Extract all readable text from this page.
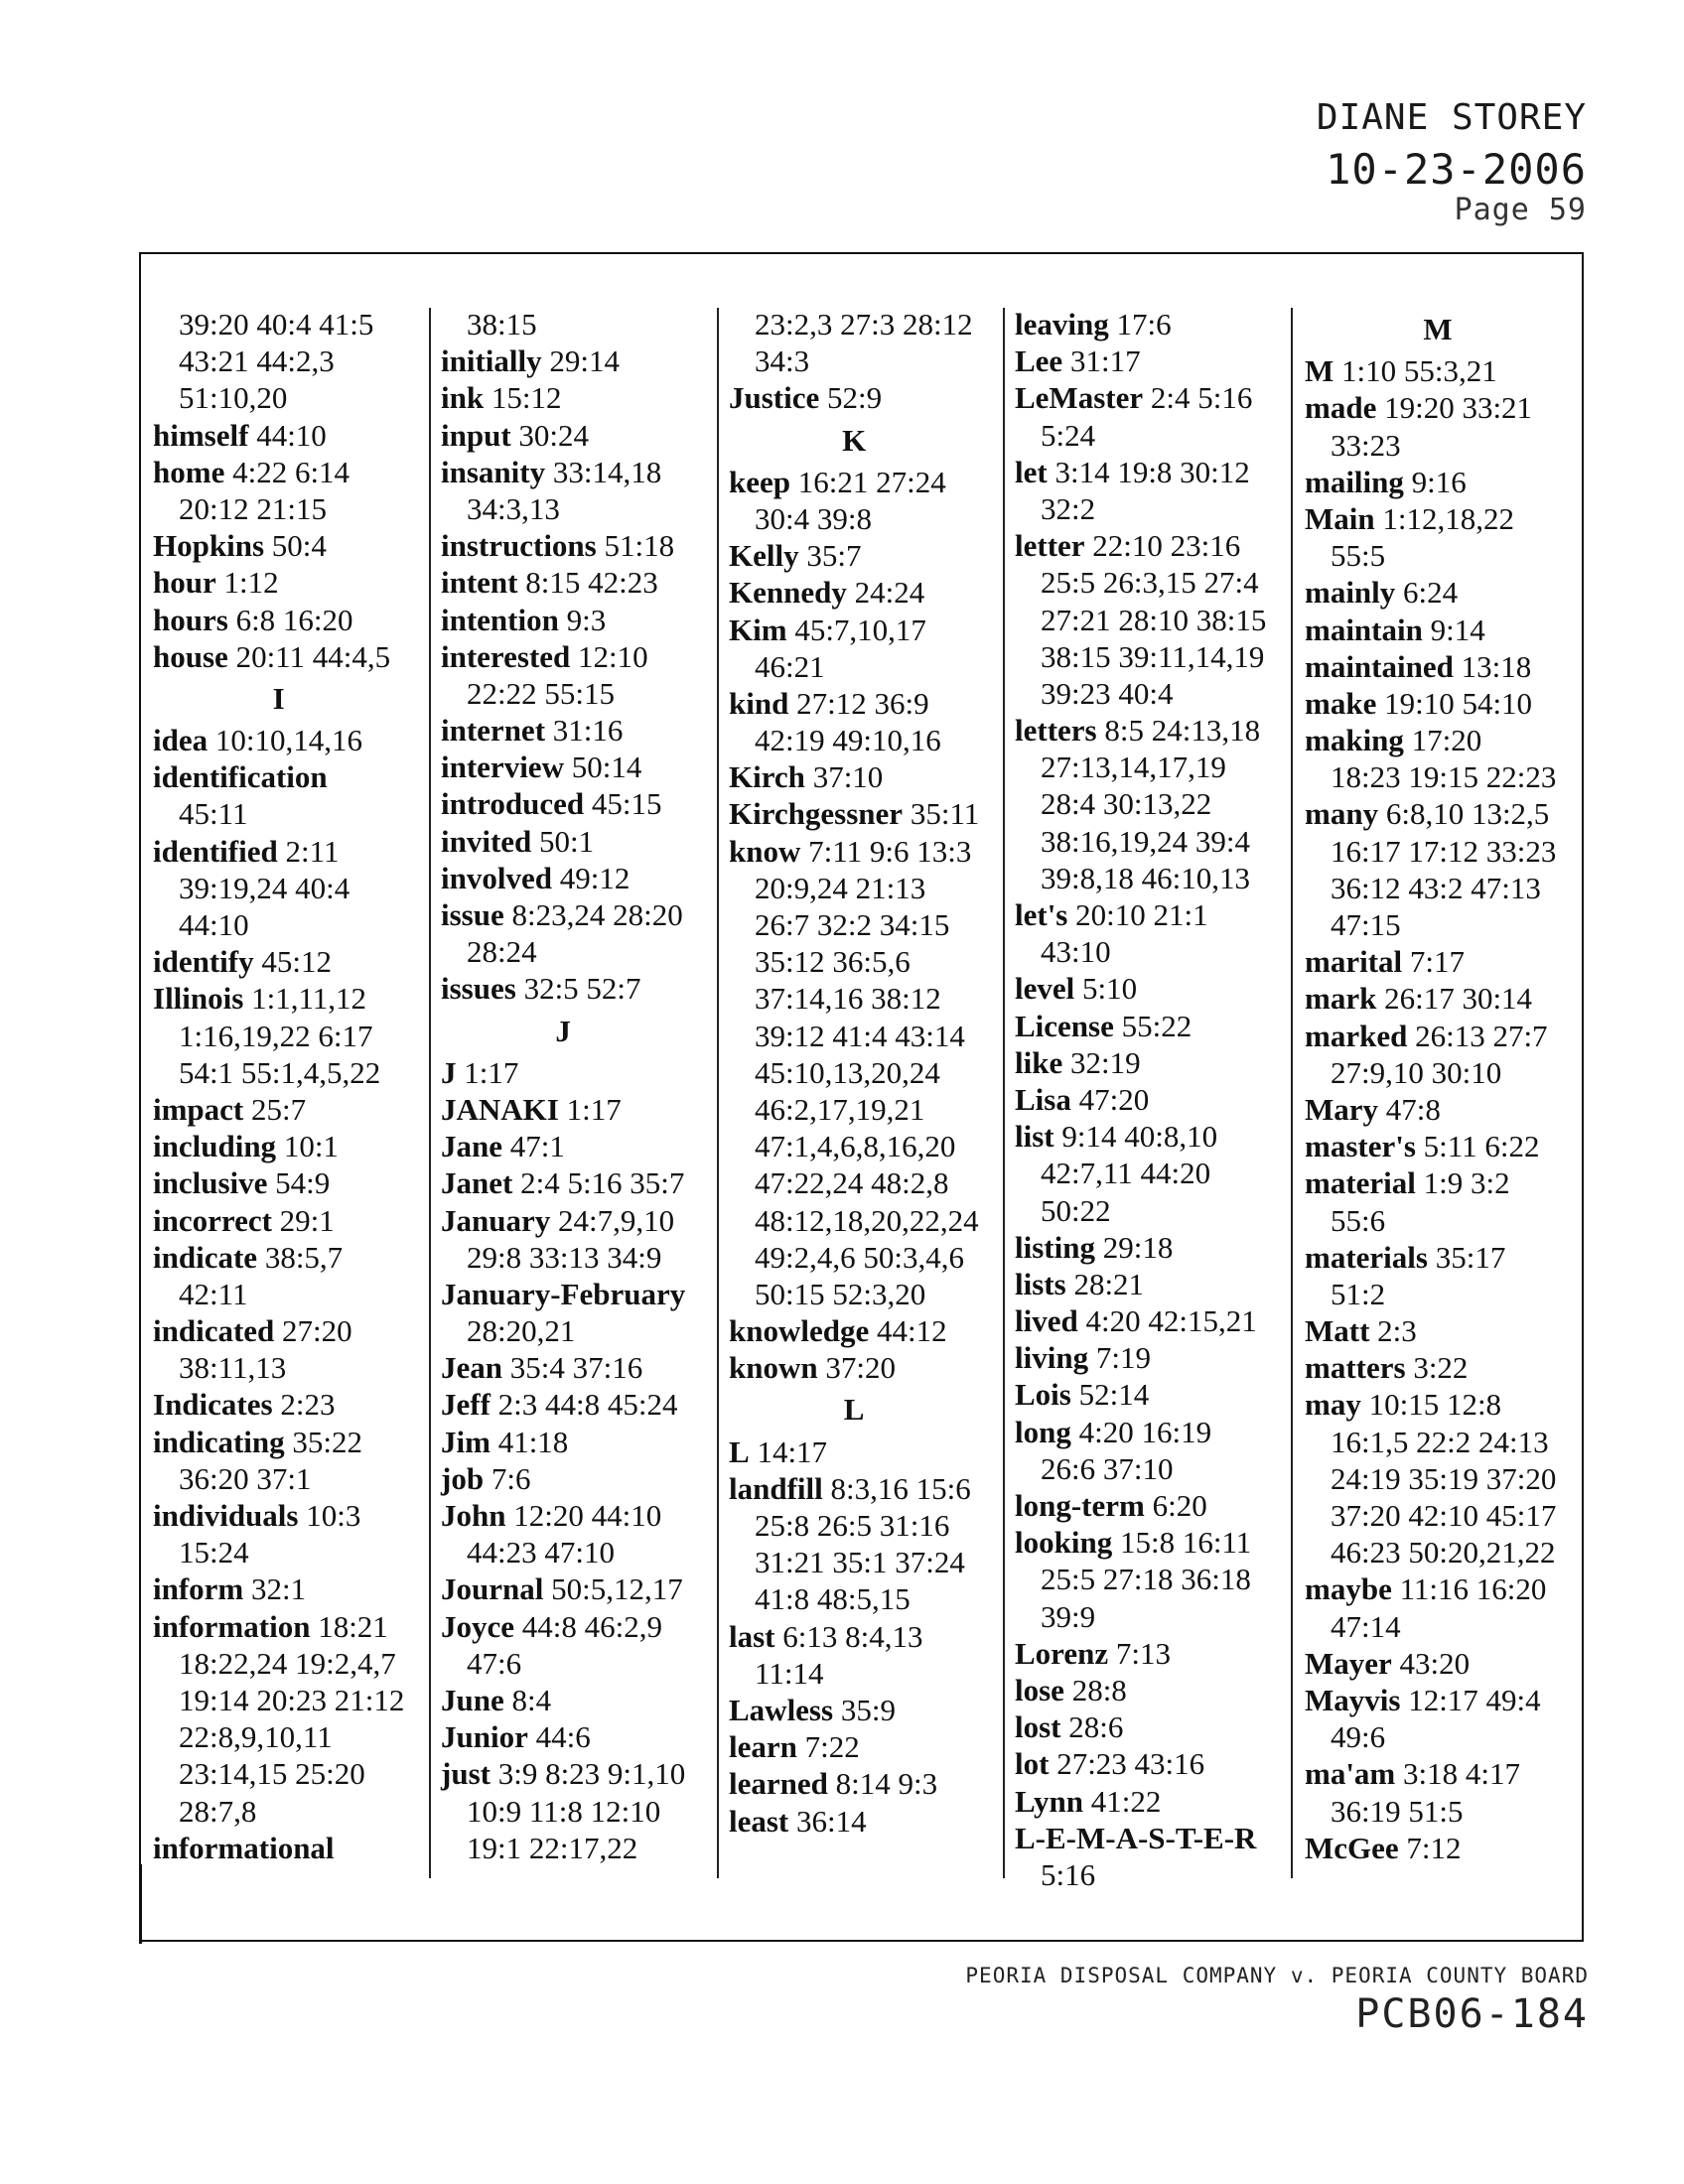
DIANE STOREY
10-23-2006
Page 59
39:20 40:4 41:5
43:21 44:2,3
51:10,20
himself 44:10
home 4:22 6:14
20:12 21:15
Hopkins 50:4
hour 1:12
hours 6:8 16:20
house 20:11 44:4,5
I
idea 10:10,14,16
identification
45:11
identified 2:11
39:19,24 40:4
44:10
identify 45:12
Illinois 1:1,11,12
1:16,19,22 6:17
54:1 55:1,4,5,22
impact 25:7
including 10:1
inclusive 54:9
incorrect 29:1
indicate 38:5,7
42:11
indicated 27:20
38:11,13
Indicates 2:23
indicating 35:22
36:20 37:1
individuals 10:3
15:24
inform 32:1
information 18:21
18:22,24 19:2,4,7
19:14 20:23 21:12
22:8,9,10,11
23:14,15 25:20
28:7,8
informational
38:15
initially 29:14
ink 15:12
input 30:24
insanity 33:14,18
34:3,13
instructions 51:18
intent 8:15 42:23
intention 9:3
interested 12:10
22:22 55:15
internet 31:16
interview 50:14
introduced 45:15
invited 50:1
involved 49:12
issue 8:23,24 28:20
28:24
issues 32:5 52:7
J
J 1:17
JANAKI 1:17
Jane 47:1
Janet 2:4 5:16 35:7
January 24:7,9,10
29:8 33:13 34:9
January-February
28:20,21
Jean 35:4 37:16
Jeff 2:3 44:8 45:24
Jim 41:18
job 7:6
John 12:20 44:10
44:23 47:10
Journal 50:5,12,17
Joyce 44:8 46:2,9
47:6
June 8:4
Junior 44:6
just 3:9 8:23 9:1,10
10:9 11:8 12:10
19:1 22:17,22
23:2,3 27:3 28:12
34:3
Justice 52:9
K
keep 16:21 27:24
30:4 39:8
Kelly 35:7
Kennedy 24:24
Kim 45:7,10,17
46:21
kind 27:12 36:9
42:19 49:10,16
Kirch 37:10
Kirchgessner 35:11
know 7:11 9:6 13:3
20:9,24 21:13
26:7 32:2 34:15
35:12 36:5,6
37:14,16 38:12
39:12 41:4 43:14
45:10,13,20,24
46:2,17,19,21
47:1,4,6,8,16,20
47:22,24 48:2,8
48:12,18,20,22,24
49:2,4,6 50:3,4,6
50:15 52:3,20
knowledge 44:12
known 37:20
L
L 14:17
landfill 8:3,16 15:6
25:8 26:5 31:16
31:21 35:1 37:24
41:8 48:5,15
last 6:13 8:4,13
11:14
Lawless 35:9
learn 7:22
learned 8:14 9:3
least 36:14
leaving 17:6
Lee 31:17
LeMaster 2:4 5:16
5:24
let 3:14 19:8 30:12
32:2
letter 22:10 23:16
25:5 26:3,15 27:4
27:21 28:10 38:15
38:15 39:11,14,19
39:23 40:4
letters 8:5 24:13,18
27:13,14,17,19
28:4 30:13,22
38:16,19,24 39:4
39:8,18 46:10,13
let's 20:10 21:1
43:10
level 5:10
License 55:22
like 32:19
Lisa 47:20
list 9:14 40:8,10
42:7,11 44:20
50:22
listing 29:18
lists 28:21
lived 4:20 42:15,21
living 7:19
Lois 52:14
long 4:20 16:19
26:6 37:10
long-term 6:20
looking 15:8 16:11
25:5 27:18 36:18
39:9
Lorenz 7:13
lose 28:8
lost 28:6
lot 27:23 43:16
Lynn 41:22
L-E-M-A-S-T-E-R
5:16
M
M 1:10 55:3,21
made 19:20 33:21
33:23
mailing 9:16
Main 1:12,18,22
55:5
mainly 6:24
maintain 9:14
maintained 13:18
make 19:10 54:10
making 17:20
18:23 19:15 22:23
many 6:8,10 13:2,5
16:17 17:12 33:23
36:12 43:2 47:13
47:15
marital 7:17
mark 26:17 30:14
marked 26:13 27:7
27:9,10 30:10
Mary 47:8
master's 5:11 6:22
material 1:9 3:2
55:6
materials 35:17
51:2
Matt 2:3
matters 3:22
may 10:15 12:8
16:1,5 22:2 24:13
24:19 35:19 37:20
37:20 42:10 45:17
46:23 50:20,21,22
maybe 11:16 16:20
47:14
Mayer 43:20
Mayvis 12:17 49:4
49:6
ma'am 3:18 4:17
36:19 51:5
McGee 7:12
PEORIA DISPOSAL COMPANY v. PEORIA COUNTY BOARD
PCB06-184
